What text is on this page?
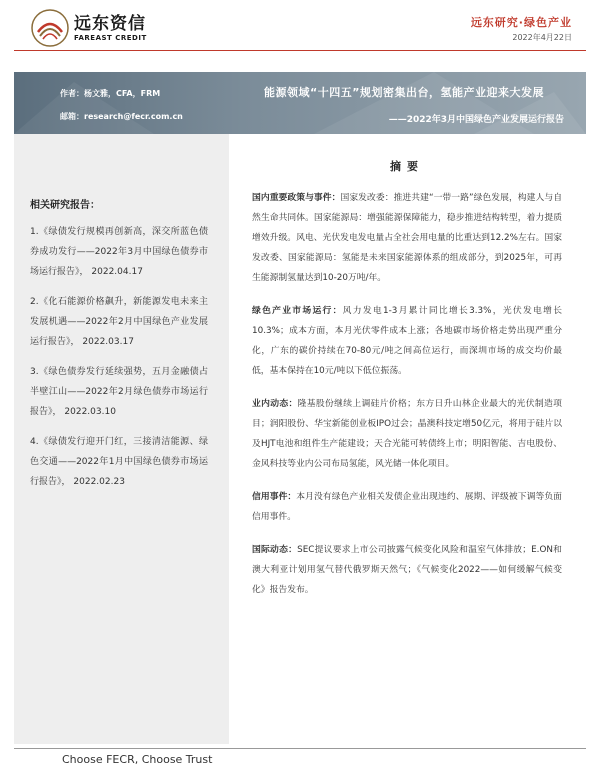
远东资信
FAREAST CREDIT
远东研究·绿色产业
2022年4月22日
作者：杨文雅，CFA，FRM
邮箱：research@fecr.com.cn
能源领域“十四五”规划密集出台，氢能产业迎来大发展
——2022年3月中国绿色产业发展运行报告
相关研究报告：
1.《绿债发行规模再创新高，深交所蓝色债券成功发行——2022年3月中国绿色债券市场运行报告》， 2022.04.17
2.《化石能源价格飙升，新能源发电未来主发展机遇——2022年2月中国绿色产业发展运行报告》， 2022.03.17
3.《绿色债券发行延续强势，五月金融债占半壁江山——2022年2月绿色债券市场运行报告》， 2022.03.10
4.《绿债发行迎开门红，三接清洁能源、绿色交通——2022年1月中国绿色债券市场运行报告》， 2022.02.23
摘要

国内重要政策与事件：国家发改委：推进共建“一带一路”绿色发展，构建人与自然生命共同体。国家能源局：增强能源保障能力，稳步推进结构转型，着力提质增效升级。风电、光伏发电发电量占全社会用电量的比重达到12.2%左右。国家发改委、国家能源局：氢能是未来国家能源体系的组成部分，到2025年，可再生能源制氢量达到10-20万吨/年。

绿色产业市场运行：风力发电1-3月累计同比增长3.3%，光伏发电增长10.3%；成本方面，本月光伏零件成本上涨；各地碳市场价格走势出现严重分化，广东的碳价持续在70-80元/吨之间高位运行，而深圳市场的成交均价最低，基本保持在10元/吨以下低位振荡。

业内动态：隆基股份继续上调硅片价格；东方日升山林企业最大的光伏制造项目；润阳股份、华宝新能创业板IPO过会；晶澳科技定增50亿元，将用于硅片以及HJT电池和组件生产能建设；天合光能可转债终上市；明阳智能、吉电股份、金风科技等业内公司布局氢能，风光储一体化项目。

信用事件：本月没有绿色产业相关发债企业出现违约、展期、评级被下调等负面信用事件。

国际动态：SEC提议要求上市公司披露气候变化风险和温室气体排放；E.ON和澳大利亚计划用氢气替代俄罗斯天然气；《气候变化2022——如何缓解气候变化》报告发布。

Choose FECR, Choose Trust
